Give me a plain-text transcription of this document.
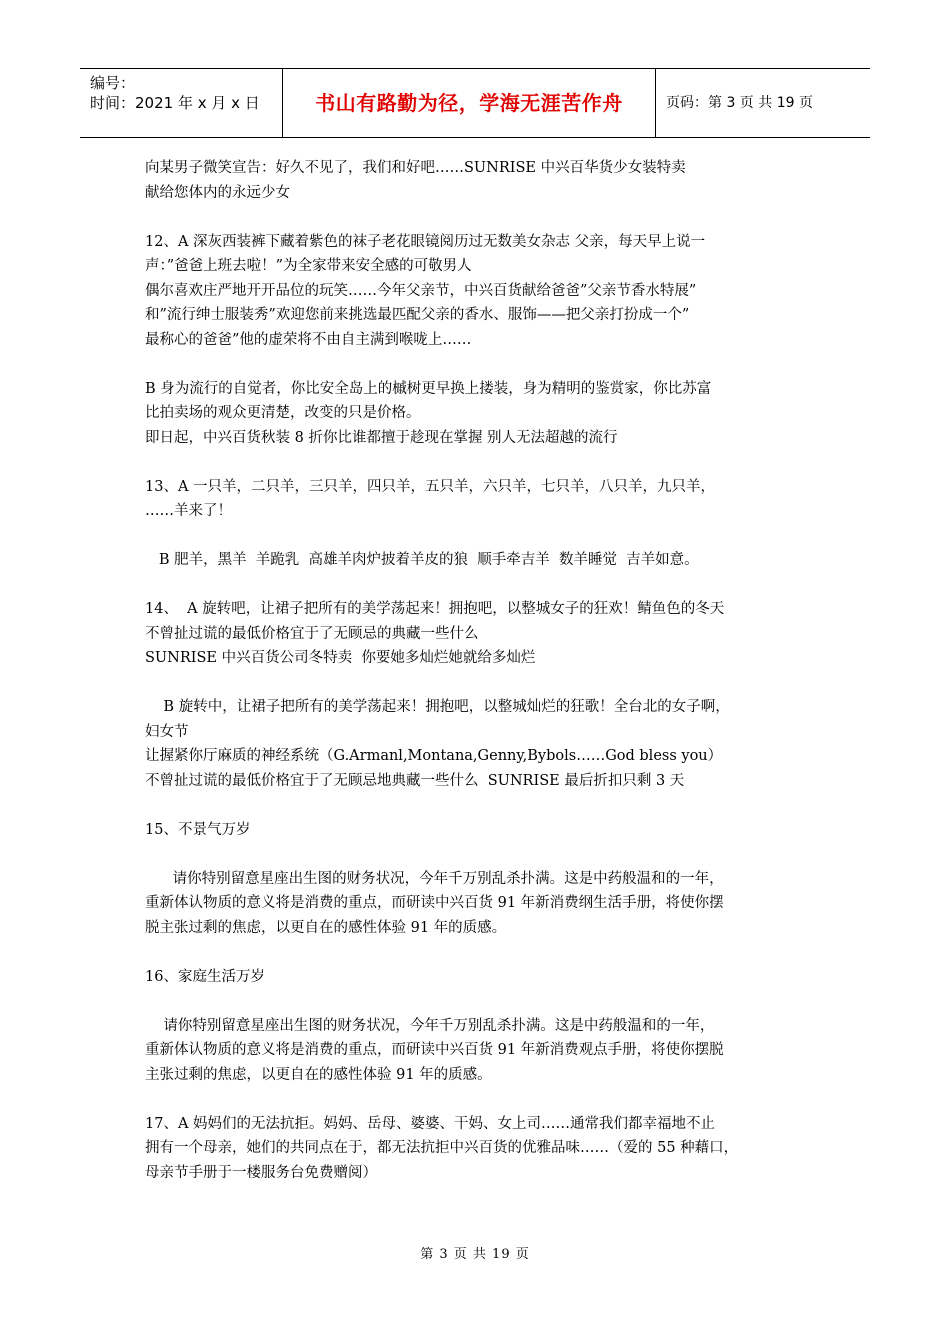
编号：
时间：2021 年 x 月 x 日	书山有路勤为径，学海无涯苦作舟	页码：第 3 页 共 19 页

向某男子微笑宣告：好久不见了，我们和好吧……SUNRISE 中兴百华货少女装特卖

献给您体内的永远少女

12、A 深灰西装裤下藏着紫色的袜子老花眼镜阅历过无数美女杂志 父亲，每天早上说一

声：”爸爸上班去啦！”为全家带来安全感的可敬男人

偶尔喜欢庄严地开开品位的玩笑……今年父亲节，中兴百货献给爸爸”父亲节香水特展”

和”流行绅士服装秀”欢迎您前来挑选最匹配父亲的香水、服饰——把父亲打扮成一个”

最称心的爸爸”他的虚荣将不由自主满到喉咙上……

B 身为流行的自觉者，你比安全岛上的槭树更早换上搂装，身为精明的鉴赏家，你比苏富

比拍卖场的观众更清楚，改变的只是价格。

即日起，中兴百货秋装 8 折你比谁都擅于趁现在掌握 别人无法超越的流行

13、A 一只羊，二只羊，三只羊，四只羊，五只羊，六只羊，七只羊，八只羊，九只羊，

……羊来了！

B 肥羊，黑羊  羊跪乳  高雄羊肉炉披着羊皮的狼  顺手牵吉羊  数羊睡觉  吉羊如意。

14、  A 旋转吧，让裙子把所有的美学荡起来！拥抱吧，以整城女子的狂欢！鲭鱼色的冬天

不曾扯过谎的最低价格宜于了无顾忌的典藏一些什么

SUNRISE 中兴百货公司冬特卖  你要她多灿烂她就给多灿烂

B 旋转中，让裙子把所有的美学荡起来！拥抱吧，以整城灿烂的狂歌！全台北的女子啊，

妇女节

让握紧你厅麻质的神经系统（G.Armanl,Montana,Genny,Bybols……God bless you）

不曾扯过谎的最低价格宜于了无顾忌地典藏一些什么  SUNRISE 最后折扣只剩 3 天

15、不景气万岁

请你特别留意星座出生图的财务状况，今年千万别乱杀扑满。这是中药般温和的一年，

重新体认物质的意义将是消费的重点，而研读中兴百货 91 年新消费纲生活手册，将使你摆

脱主张过剩的焦虑，以更自在的感性体验 91 年的质感。

16、家庭生活万岁

请你特别留意星座出生图的财务状况，今年千万别乱杀扑满。这是中药般温和的一年，

重新体认物质的意义将是消费的重点，而研读中兴百货 91 年新消费观点手册，将使你摆脱

主张过剩的焦虑，以更自在的感性体验 91 年的质感。

17、A 妈妈们的无法抗拒。妈妈、岳母、婆婆、干妈、女上司……通常我们都幸福地不止

拥有一个母亲，她们的共同点在于，都无法抗拒中兴百货的优雅品味……（爱的 55 种藉口，

母亲节手册于一楼服务台免费赠阅）

第 3 页 共 19 页
